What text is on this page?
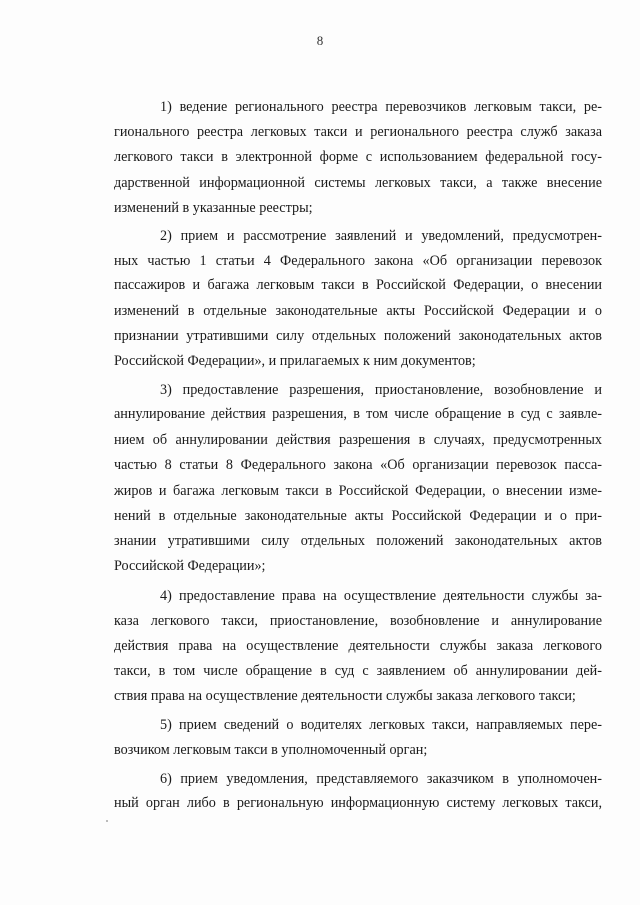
8
1) ведение регионального реестра перевозчиков легковым такси, ре-
гионального реестра легковых такси и регионального реестра служб заказа
легкового такси в электронной форме с использованием федеральной госу-
дарственной информационной системы легковых такси, а также внесение
изменений в указанные реестры;
2) прием и рассмотрение заявлений и уведомлений, предусмотрен-
ных частью 1 статьи 4 Федерального закона «Об организации перевозок
пассажиров и багажа легковым такси в Российской Федерации, о внесении
изменений в отдельные законодательные акты Российской Федерации и о
признании утратившими силу отдельных положений законодательных актов
Российской Федерации», и прилагаемых к ним документов;
3) предоставление разрешения, приостановление, возобновление и
аннулирование действия разрешения, в том числе обращение в суд с заявле-
нием об аннулировании действия разрешения в случаях, предусмотренных
частью 8 статьи 8 Федерального закона «Об организации перевозок пасса-
жиров и багажа легковым такси в Российской Федерации, о внесении изме-
нений в отдельные законодательные акты Российской Федерации и о при-
знании утратившими силу отдельных положений законодательных актов
Российской Федерации»;
4) предоставление права на осуществление деятельности службы за-
каза легкового такси, приостановление, возобновление и аннулирование
действия права на осуществление деятельности службы заказа легкового
такси, в том числе обращение в суд с заявлением об аннулировании дей-
ствия права на осуществление деятельности службы заказа легкового такси;
5) прием сведений о водителях легковых такси, направляемых пере-
возчиком легковым такси в уполномоченный орган;
6) прием уведомления, представляемого заказчиком в уполномочен-
ный орган либо в региональную информационную систему легковых такси,
